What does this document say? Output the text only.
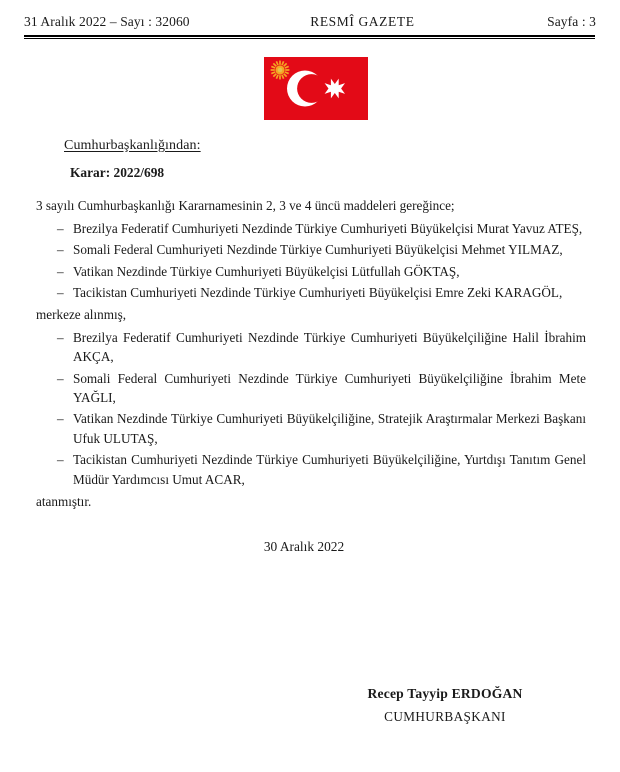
31 Aralık 2022 – Sayı : 32060	RESMÎ GAZETE	Sayfa : 3

Cumhurbaşkanlığından:

Karar: 2022/698

3 sayılı Cumhurbaşkanlığı Kararnamesinin 2, 3 ve 4 üncü maddeleri gereğince;

– Brezilya Federatif Cumhuriyeti Nezdinde Türkiye Cumhuriyeti Büyükelçisi Murat Yavuz ATEŞ,
– Somali Federal Cumhuriyeti Nezdinde Türkiye Cumhuriyeti Büyükelçisi Mehmet YILMAZ,
– Vatikan Nezdinde Türkiye Cumhuriyeti Büyükelçisi Lütfullah GÖKTAŞ,
– Tacikistan Cumhuriyeti Nezdinde Türkiye Cumhuriyeti Büyükelçisi Emre Zeki KARAGÖL,

merkeze alınmış,

– Brezilya Federatif Cumhuriyeti Nezdinde Türkiye Cumhuriyeti Büyükelçiliğine Halil İbrahim AKÇA,
– Somali Federal Cumhuriyeti Nezdinde Türkiye Cumhuriyeti Büyükelçiliğine İbrahim Mete YAĞLI,
– Vatikan Nezdinde Türkiye Cumhuriyeti Büyükelçiliğine, Stratejik Araştırmalar Merkezi Başkanı Ufuk ULUTAŞ,
– Tacikistan Cumhuriyeti Nezdinde Türkiye Cumhuriyeti Büyükelçiliğine, Yurtdışı Tanıtım Genel Müdür Yardımcısı Umut ACAR,

atanmıştır.

30 Aralık 2022

Recep Tayyip ERDOĞAN

CUMHURBAŞKANI
